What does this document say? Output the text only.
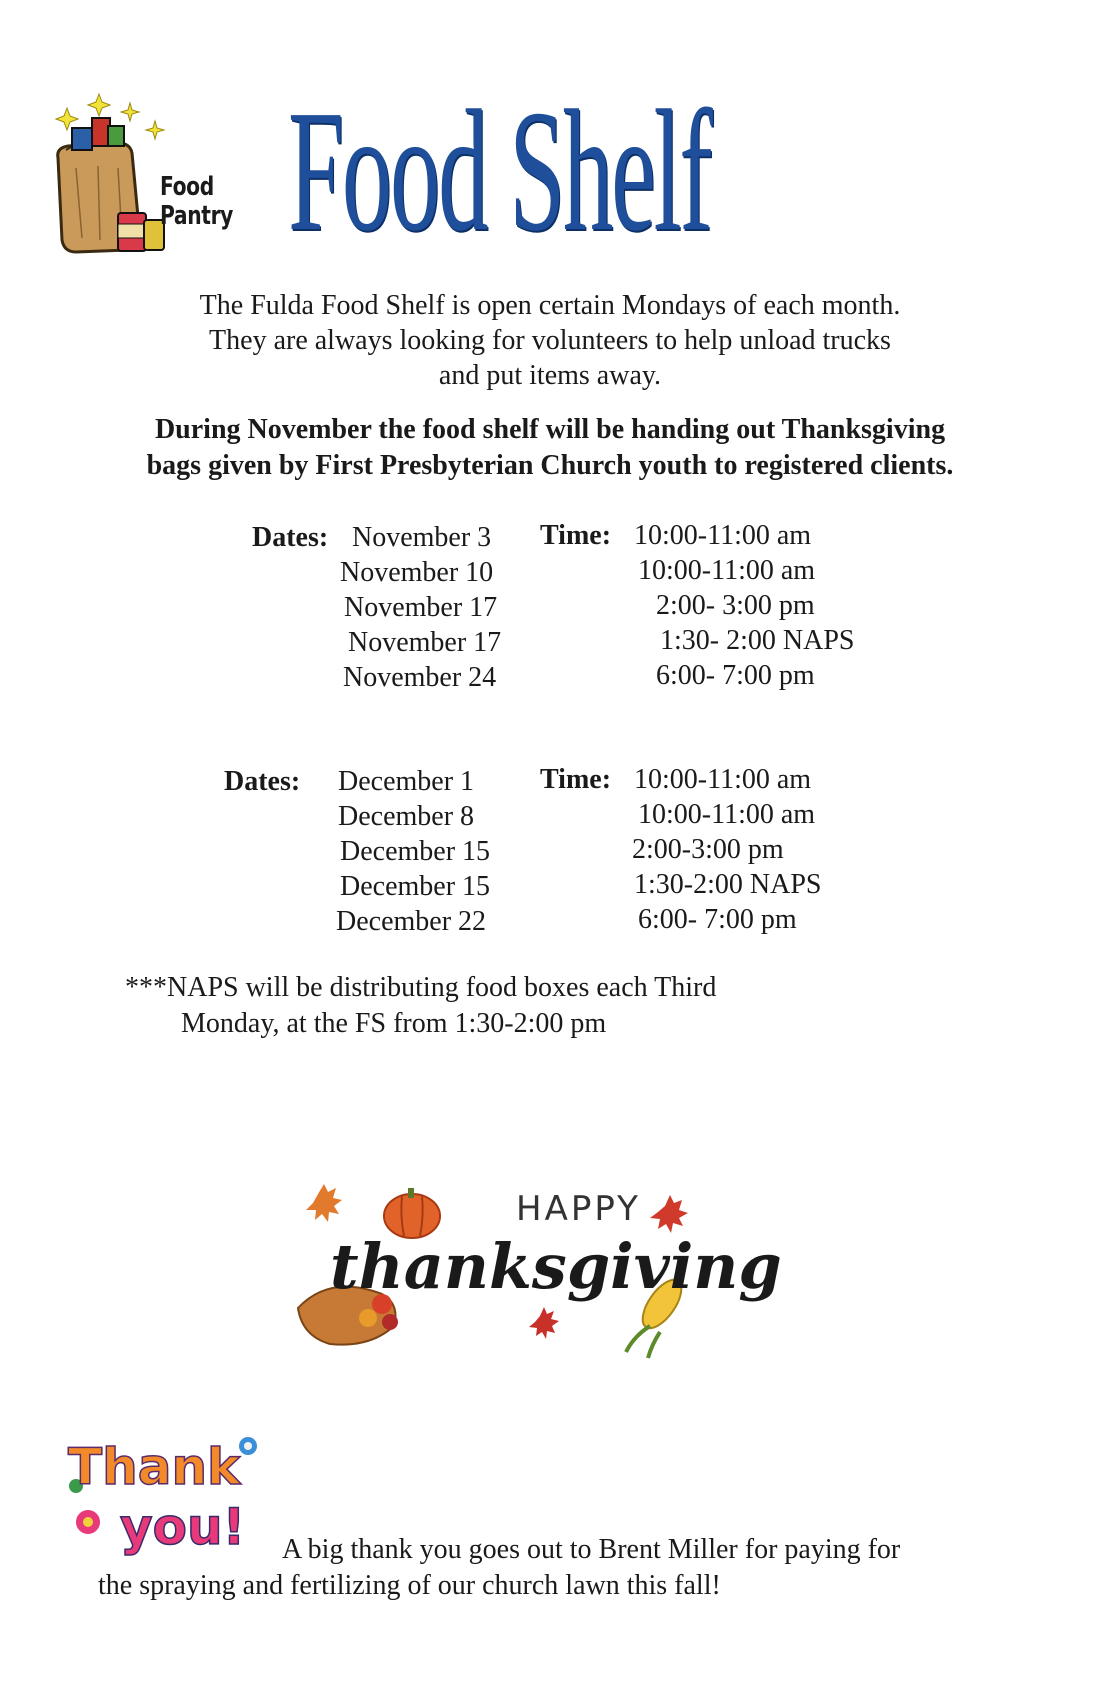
Food
Pantry Food Shelf
The Fulda Food Shelf is open certain Mondays of each month.
They are always looking for volunteers to help unload trucks
and put items away.
During November the food shelf will be handing out Thanksgiving
bags given by First Presbyterian Church youth to registered clients.
Dates:	Time:
November 3
November 10
November 17
November 17
November 24
10:00-11:00 am
10:00-11:00 am
2:00- 3:00 pm
1:30- 2:00 NAPS
6:00- 7:00 pm
Dates:	Time:
December 1
December 8
December 15
December 15
December 22
10:00-11:00 am
10:00-11:00 am
2:00-3:00 pm
1:30-2:00 NAPS
6:00- 7:00 pm
***NAPS will be distributing food boxes each Third
Monday, at the FS from 1:30-2:00 pm
HAPPY
thanksgiving
Thank
you! A big thank you goes out to Brent Miller for paying for
the spraying and fertilizing of our church lawn this fall!
